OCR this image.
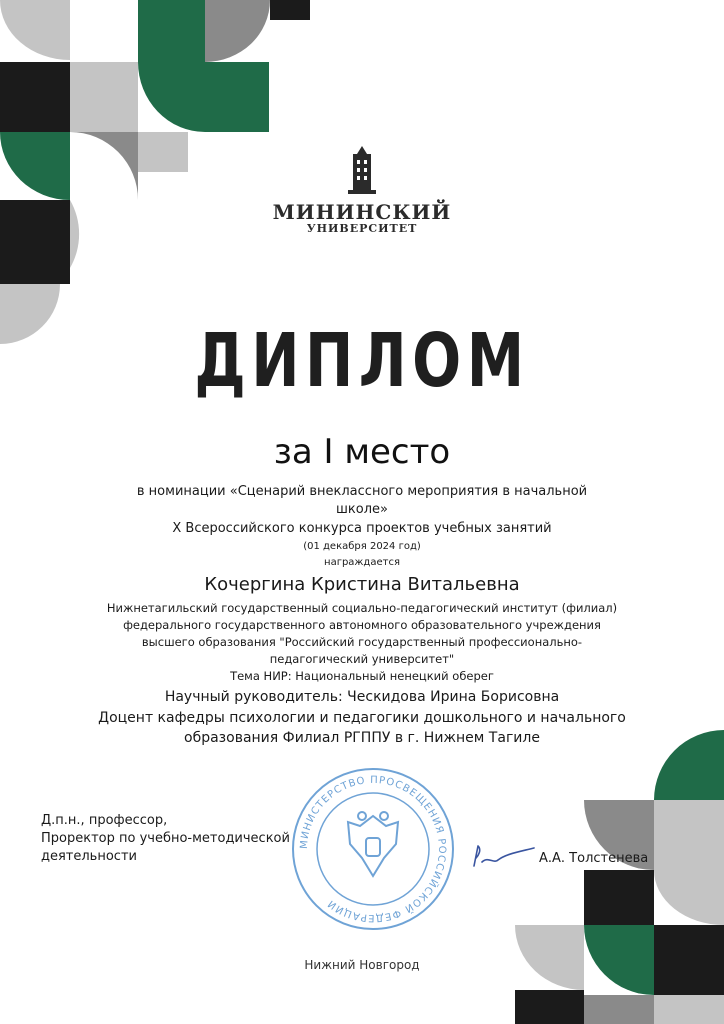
МИНИНСКИЙ
УНИВЕРСИТЕТ
ДИПЛОМ
за I место
в номинации «Сценарий внеклассного мероприятия в начальной
школе»
X Всероссийского конкурса проектов учебных занятий
(01 декабря 2024 год)
награждается
Кочергина Кристина Витальевна
Нижнетагильский государственный социально-педагогический институт (филиал)
федерального государственного автономного образовательного учреждения
высшего образования "Российский государственный профессионально-
педагогический университет"
Тема НИР: Национальный ненецкий оберег
Научный руководитель: Ческидова Ирина Борисовна
Доцент кафедры психологии и педагогики дошкольного и начального
образования Филиал РГППУ в г. Нижнем Тагиле
МИНИСТЕРСТВО ПРОСВЕЩЕНИЯ РОССИЙСКОЙ ФЕДЕРАЦИИ
Д.п.н., профессор,
Проректор по учебно-методической
деятельности	А.А. Толстенева
Нижний Новгород
